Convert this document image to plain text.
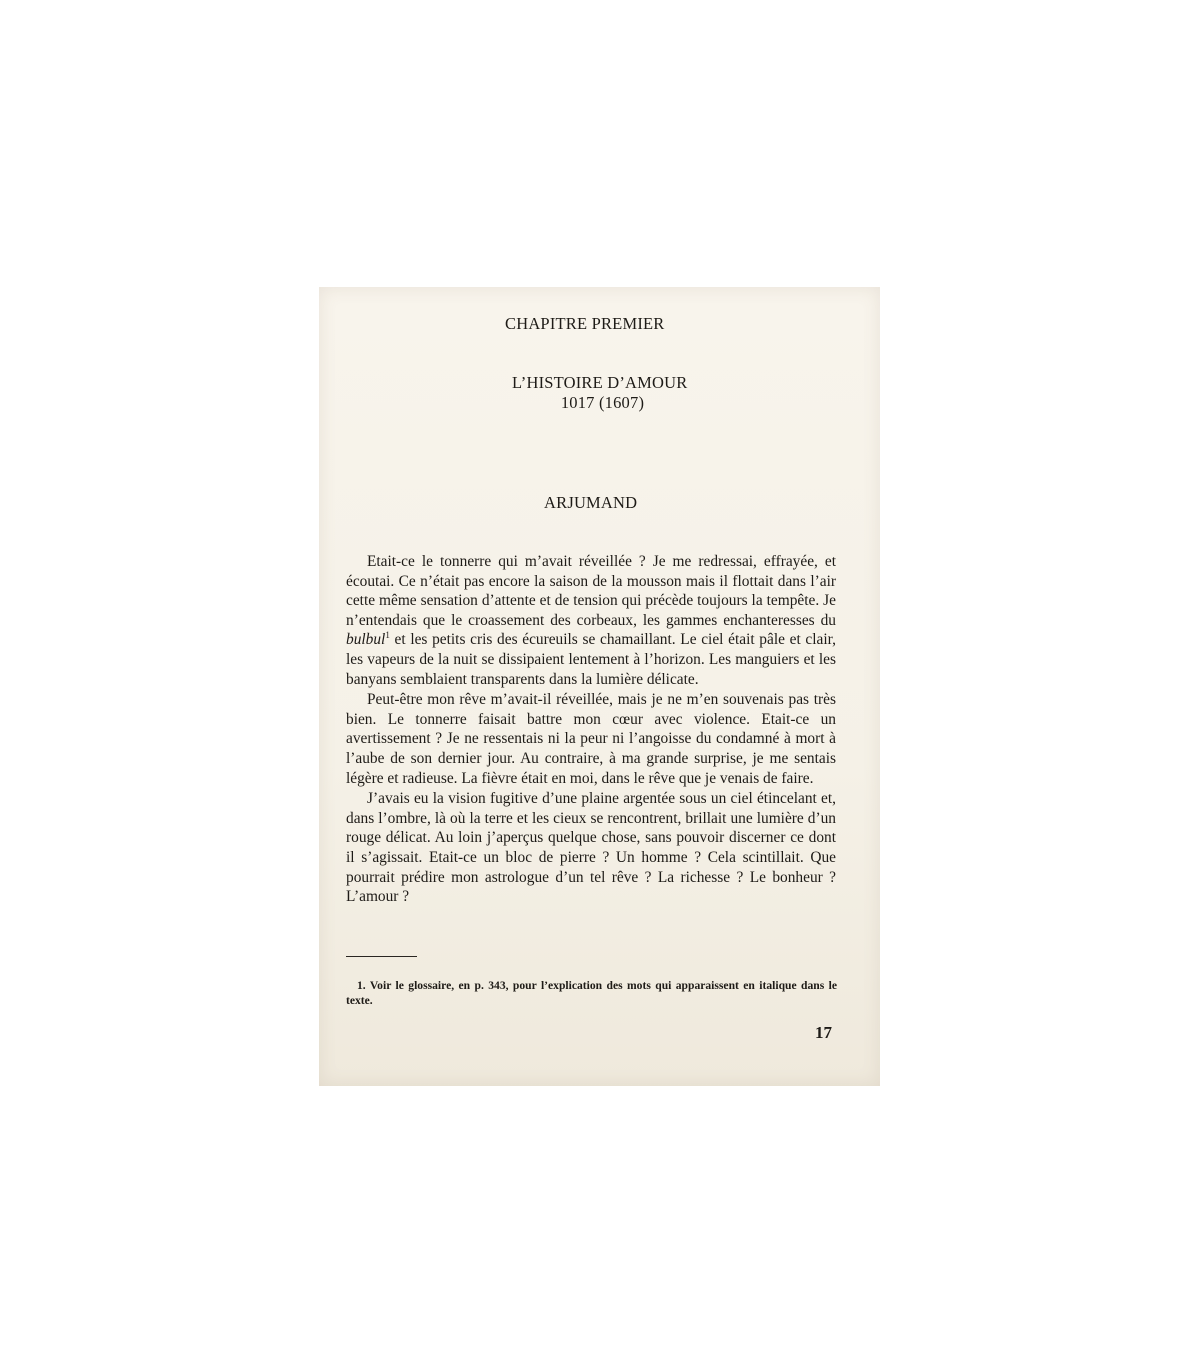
CHAPITRE PREMIER
L’HISTOIRE D’AMOUR
1017 (1607)
ARJUMAND

Etait-ce le tonnerre qui m’avait réveillée ? Je me redressai, effrayée, et écoutai. Ce n’était pas encore la saison de la mousson mais il flottait dans l’air cette même sensation d’attente et de tension qui précède toujours la tempête. Je n’entendais que le croassement des corbeaux, les gammes enchanteresses du bulbul$^1$ et les petits cris des écureuils se chamaillant. Le ciel était pâle et clair, les vapeurs de la nuit se dissipaient lentement à l’horizon. Les manguiers et les banyans semblaient transparents dans la lumière délicate.

Peut-être mon rêve m’avait-il réveillée, mais je ne m’en souvenais pas très bien. Le tonnerre faisait battre mon cœur avec violence. Etait-ce un avertissement ? Je ne ressentais ni la peur ni l’angoisse du condamné à mort à l’aube de son dernier jour. Au contraire, à ma grande surprise, je me sentais légère et radieuse. La fièvre était en moi, dans le rêve que je venais de faire.

J’avais eu la vision fugitive d’une plaine argentée sous un ciel étincelant et, dans l’ombre, là où la terre et les cieux se rencontrent, brillait une lumière d’un rouge délicat. Au loin j’aperçus quelque chose, sans pouvoir discerner ce dont il s’agissait. Etait-ce un bloc de pierre ? Un homme ? Cela scintillait. Que pourrait prédire mon astrologue d’un tel rêve ? La richesse ? Le bonheur ? L’amour ?

1. Voir le glossaire, en p. 343, pour l’explication des mots qui apparaissent en italique dans le texte.
17
